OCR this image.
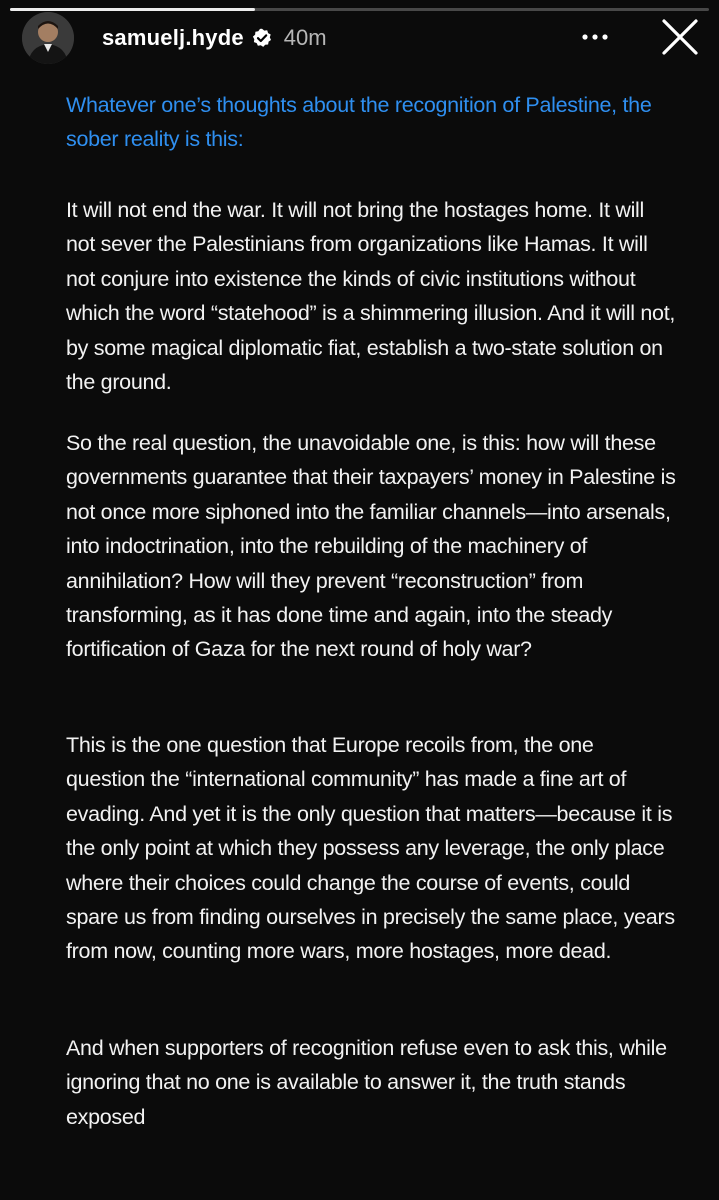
samuelj.hyde 40m
Whatever one’s thoughts about the recognition of Palestine, the sober reality is this:
It will not end the war. It will not bring the hostages home. It will not sever the Palestinians from organizations like Hamas. It will not conjure into existence the kinds of civic institutions without which the word “statehood” is a shimmering illusion. And it will not, by some magical diplomatic fiat, establish a two-state solution on the ground.
So the real question, the unavoidable one, is this: how will these governments guarantee that their taxpayers’ money in Palestine is not once more siphoned into the familiar channels—into arsenals, into indoctrination, into the rebuilding of the machinery of annihilation? How will they prevent “reconstruction” from transforming, as it has done time and again, into the steady fortification of Gaza for the next round of holy war?
This is the one question that Europe recoils from, the one question the “international community” has made a fine art of evading. And yet it is the only question that matters—because it is the only point at which they possess any leverage, the only place where their choices could change the course of events, could spare us from finding ourselves in precisely the same place, years from now, counting more wars, more hostages, more dead.
And when supporters of recognition refuse even to ask this, while ignoring that no one is available to answer it, the truth stands exposed
